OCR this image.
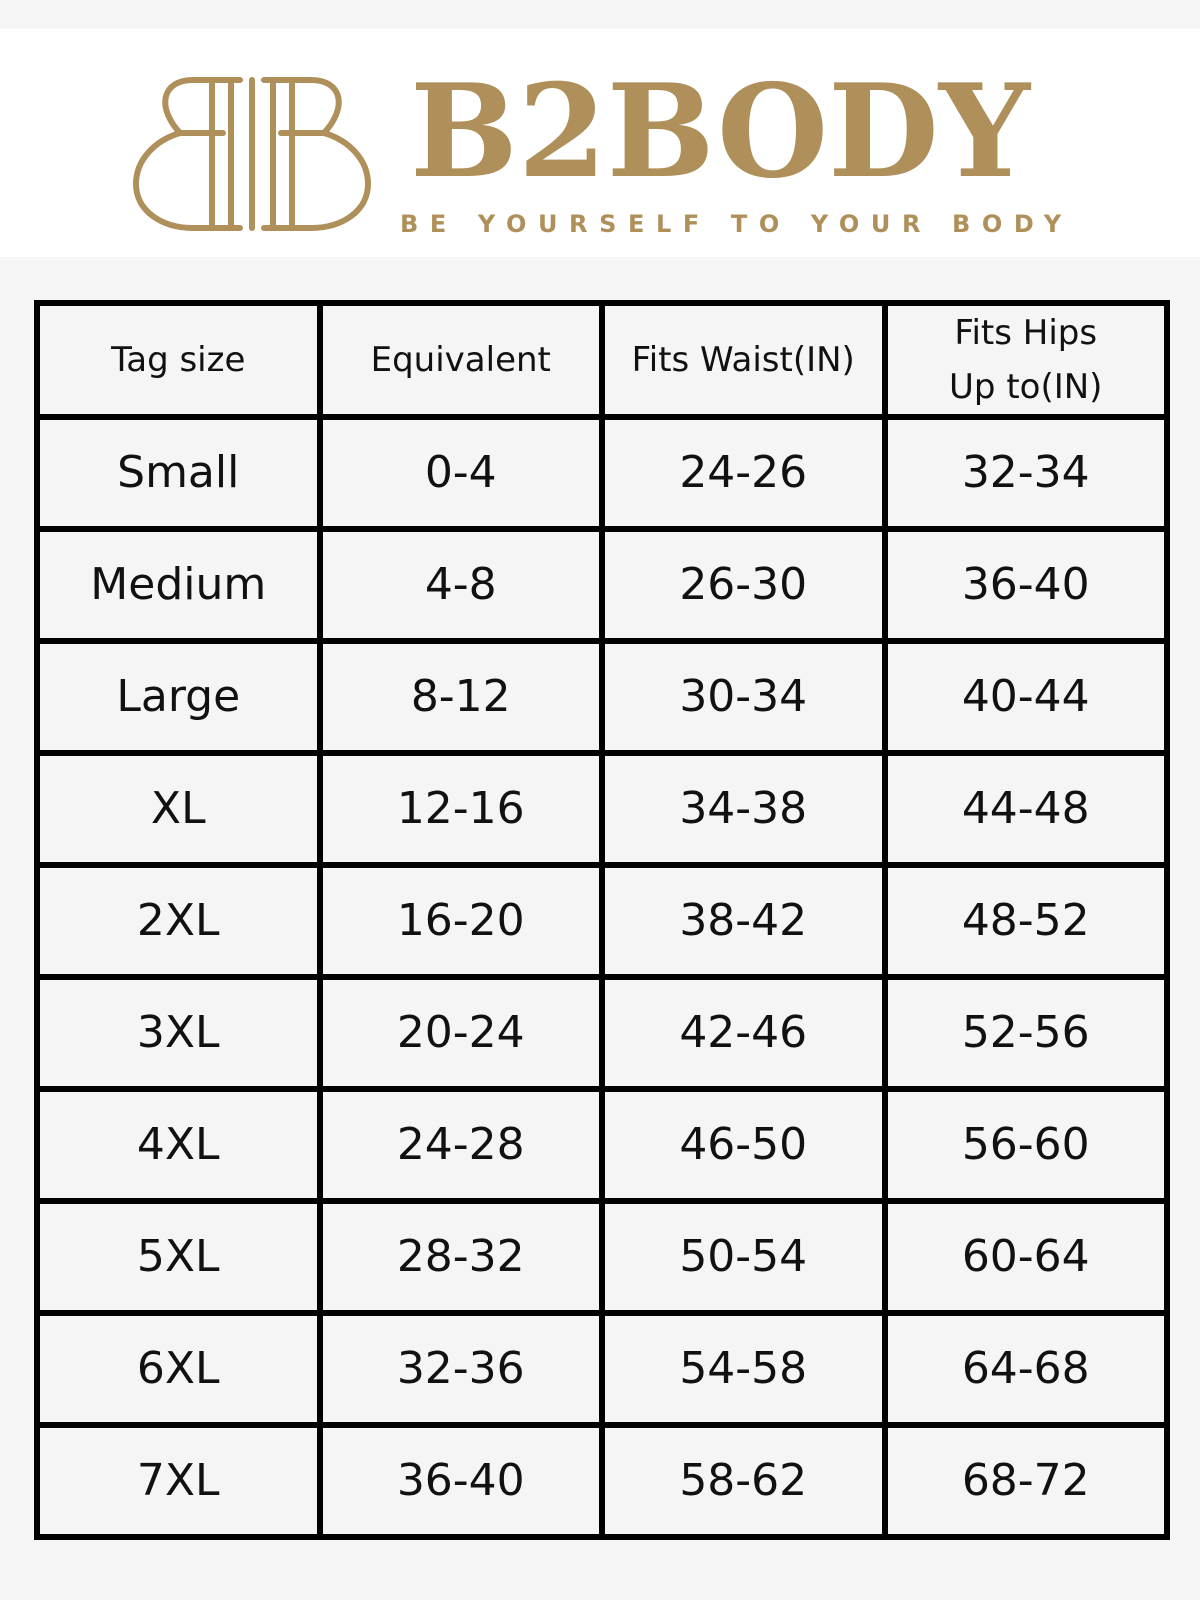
B2BODY
BE YOURSELF TO YOUR BODY
Tag size	Equivalent	Fits Waist(IN)	Fits Hips
Up to(IN)

Small	0-4	24-26	32-34
Medium	4-8	26-30	36-40
Large	8-12	30-34	40-44
XL	12-16	34-38	44-48
2XL	16-20	38-42	48-52
3XL	20-24	42-46	52-56
4XL	24-28	46-50	56-60
5XL	28-32	50-54	60-64
6XL	32-36	54-58	64-68
7XL	36-40	58-62	68-72
